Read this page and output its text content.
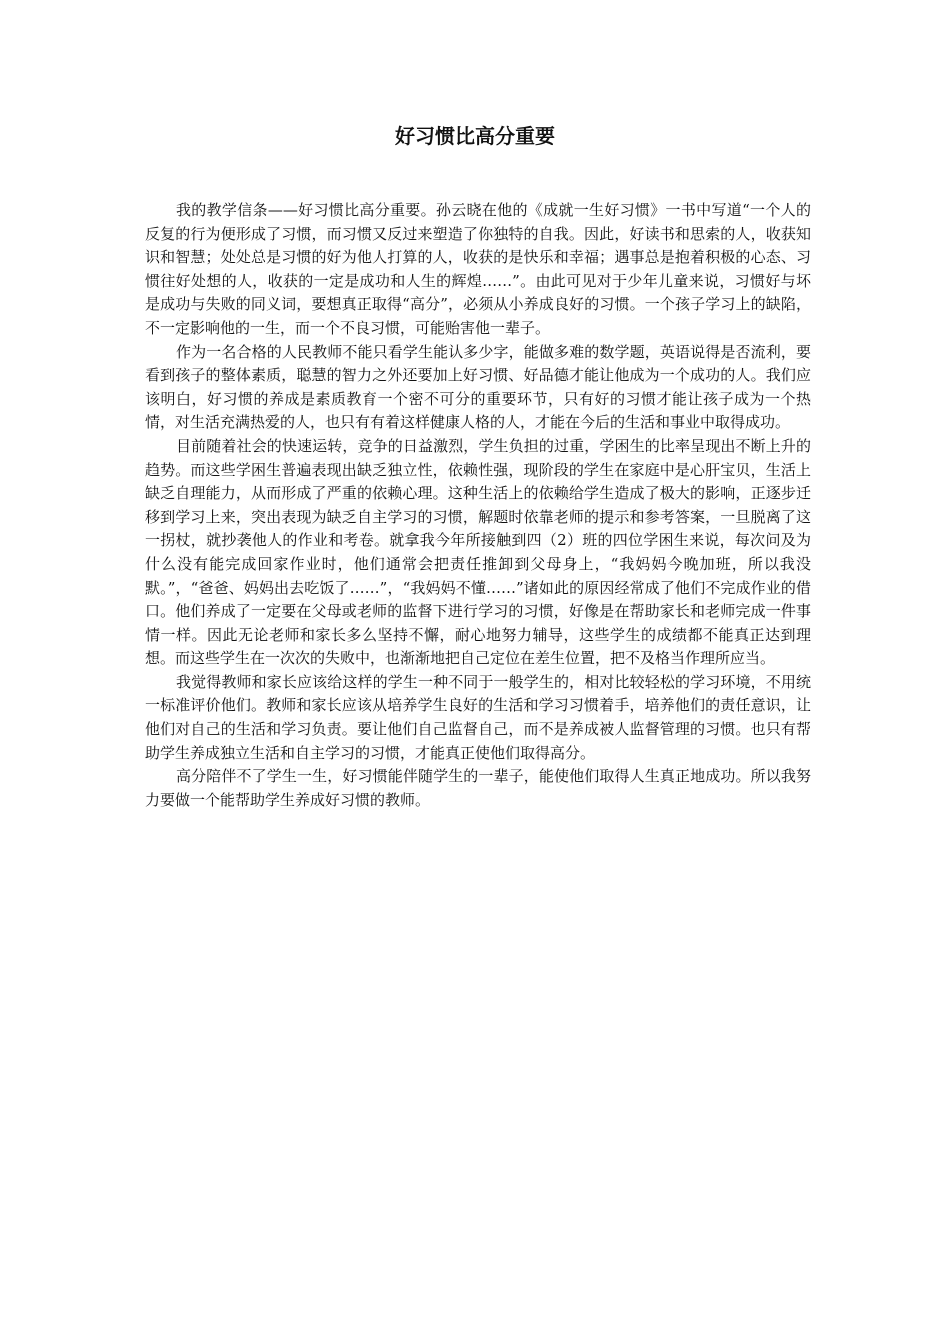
好习惯比高分重要

我的教学信条——好习惯比高分重要。孙云晓在他的《成就一生好习惯》一书中写道“一个人的反复的行为便形成了习惯，而习惯又反过来塑造了你独特的自我。因此，好读书和思索的人，收获知识和智慧；处处总是习惯的好为他人打算的人，收获的是快乐和幸福；遇事总是抱着积极的心态、习惯往好处想的人，收获的一定是成功和人生的辉煌……”。由此可见对于少年儿童来说，习惯好与坏是成功与失败的同义词，要想真正取得“高分”，必须从小养成良好的习惯。一个孩子学习上的缺陷，不一定影响他的一生，而一个不良习惯，可能贻害他一辈子。

作为一名合格的人民教师不能只看学生能认多少字，能做多难的数学题，英语说得是否流利，要看到孩子的整体素质，聪慧的智力之外还要加上好习惯、好品德才能让他成为一个成功的人。我们应该明白，好习惯的养成是素质教育一个密不可分的重要环节，只有好的习惯才能让孩子成为一个热情，对生活充满热爱的人，也只有有着这样健康人格的人，才能在今后的生活和事业中取得成功。

目前随着社会的快速运转，竞争的日益激烈，学生负担的过重，学困生的比率呈现出不断上升的趋势。而这些学困生普遍表现出缺乏独立性，依赖性强，现阶段的学生在家庭中是心肝宝贝，生活上缺乏自理能力，从而形成了严重的依赖心理。这种生活上的依赖给学生造成了极大的影响，正逐步迁移到学习上来，突出表现为缺乏自主学习的习惯，解题时依靠老师的提示和参考答案，一旦脱离了这一拐杖，就抄袭他人的作业和考卷。就拿我今年所接触到四（2）班的四位学困生来说，每次问及为什么没有能完成回家作业时，他们通常会把责任推卸到父母身上，“我妈妈今晚加班，所以我没默。”，“爸爸、妈妈出去吃饭了……”，“我妈妈不懂……”诸如此的原因经常成了他们不完成作业的借口。他们养成了一定要在父母或老师的监督下进行学习的习惯，好像是在帮助家长和老师完成一件事情一样。因此无论老师和家长多么坚持不懈，耐心地努力辅导，这些学生的成绩都不能真正达到理想。而这些学生在一次次的失败中，也渐渐地把自己定位在差生位置，把不及格当作理所应当。

我觉得教师和家长应该给这样的学生一种不同于一般学生的，相对比较轻松的学习环境，不用统一标准评价他们。教师和家长应该从培养学生良好的生活和学习习惯着手，培养他们的责任意识，让他们对自己的生活和学习负责。要让他们自己监督自己，而不是养成被人监督管理的习惯。也只有帮助学生养成独立生活和自主学习的习惯，才能真正使他们取得高分。

高分陪伴不了学生一生，好习惯能伴随学生的一辈子，能使他们取得人生真正地成功。所以我努力要做一个能帮助学生养成好习惯的教师。
